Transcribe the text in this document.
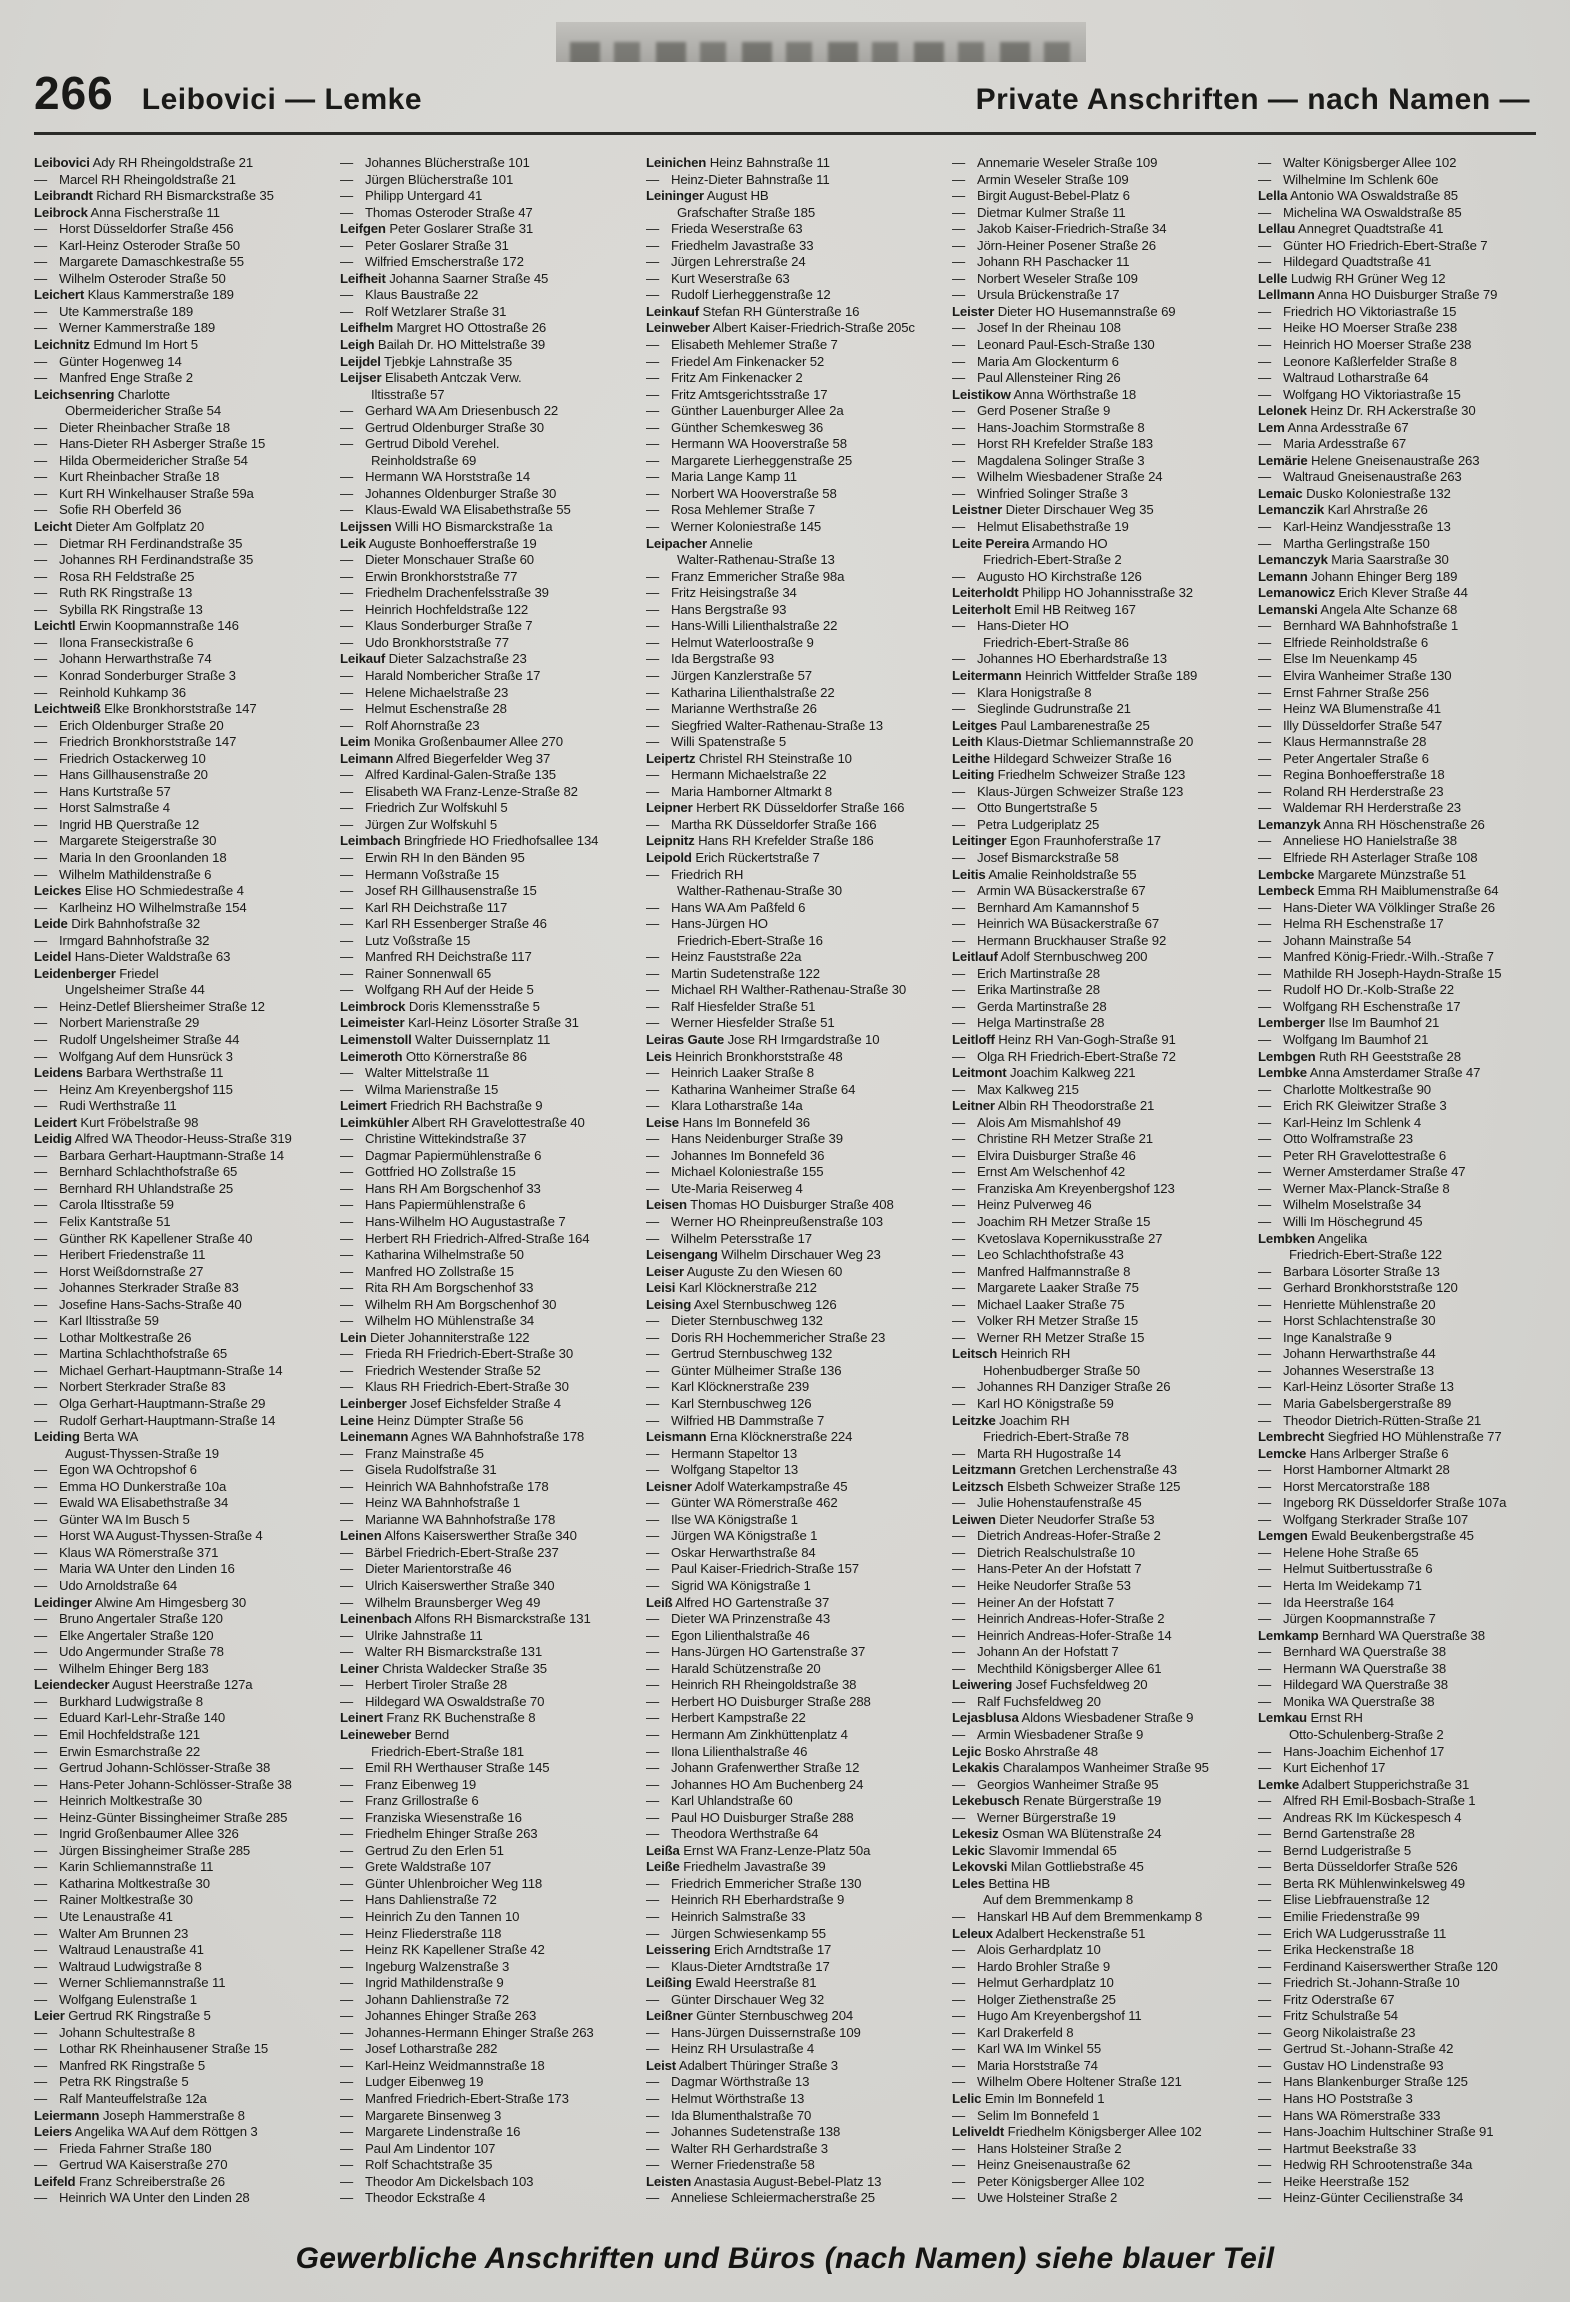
266 Leibovici — Lemke	Private Anschriften — nach Namen —
Leibovici Ady RH Rheingoldstraße 21
— Marcel RH Rheingoldstraße 21
Leibrandt Richard RH Bismarckstraße 35
Leibrock Anna Fischerstraße 11
— Horst Düsseldorfer Straße 456
— Karl-Heinz Osteroder Straße 50
— Margarete Damaschkestraße 55
— Wilhelm Osteroder Straße 50
Leichert Klaus Kammerstraße 189
— Ute Kammerstraße 189
— Werner Kammerstraße 189
Leichnitz Edmund Im Hort 5
— Günter Hogenweg 14
— Manfred Enge Straße 2
Leichsenring Charlotte
Obermeidericher Straße 54
— Dieter Rheinbacher Straße 18
— Hans-Dieter RH Asberger Straße 15
— Hilda Obermeidericher Straße 54
— Kurt Rheinbacher Straße 18
— Kurt RH Winkelhauser Straße 59a
— Sofie RH Oberfeld 36
Leicht Dieter Am Golfplatz 20
— Dietmar RH Ferdinandstraße 35
— Johannes RH Ferdinandstraße 35
— Rosa RH Feldstraße 25
— Ruth RK Ringstraße 13
— Sybilla RK Ringstraße 13
Leichtl Erwin Koopmannstraße 146
— Ilona Franseckistraße 6
— Johann Herwarthstraße 74
— Konrad Sonderburger Straße 3
— Reinhold Kuhkamp 36
Leichtweiß Elke Bronkhorststraße 147
— Erich Oldenburger Straße 20
— Friedrich Bronkhorststraße 147
— Friedrich Ostackerweg 10
— Hans Gillhausenstraße 20
— Hans Kurtstraße 57
— Horst Salmstraße 4
— Ingrid HB Querstraße 12
— Margarete Steigerstraße 30
— Maria In den Groonlanden 18
— Wilhelm Mathildenstraße 6
Leickes Elise HO Schmiedestraße 4
— Karlheinz HO Wilhelmstraße 154
Leide Dirk Bahnhofstraße 32
— Irmgard Bahnhofstraße 32
Leidel Hans-Dieter Waldstraße 63
Leidenberger Friedel
Ungelsheimer Straße 44
— Heinz-Detlef Bliersheimer Straße 12
— Norbert Marienstraße 29
— Rudolf Ungelsheimer Straße 44
— Wolfgang Auf dem Hunsrück 3
Leidens Barbara Werthstraße 11
— Heinz Am Kreyenbergshof 115
— Rudi Werthstraße 11
Leidert Kurt Fröbelstraße 98
Leidig Alfred WA Theodor-Heuss-Straße 319
— Barbara Gerhart-Hauptmann-Straße 14
— Bernhard Schlachthofstraße 65
— Bernhard RH Uhlandstraße 25
— Carola Iltisstraße 59
— Felix Kantstraße 51
— Günther RK Kapellener Straße 40
— Heribert Friedenstraße 11
— Horst Weißdornstraße 27
— Johannes Sterkrader Straße 83
— Josefine Hans-Sachs-Straße 40
— Karl Iltisstraße 59
— Lothar Moltkestraße 26
— Martina Schlachthofstraße 65
— Michael Gerhart-Hauptmann-Straße 14
— Norbert Sterkrader Straße 83
— Olga Gerhart-Hauptmann-Straße 29
— Rudolf Gerhart-Hauptmann-Straße 14
Leiding Berta WA
August-Thyssen-Straße 19
— Egon WA Ochtropshof 6
— Emma HO Dunkerstraße 10a
— Ewald WA Elisabethstraße 34
— Günter WA Im Busch 5
— Horst WA August-Thyssen-Straße 4
— Klaus WA Römerstraße 371
— Maria WA Unter den Linden 16
— Udo Arnoldstraße 64
Leidinger Alwine Am Himgesberg 30
— Bruno Angertaler Straße 120
— Elke Angertaler Straße 120
— Udo Angermunder Straße 78
— Wilhelm Ehinger Berg 183
Leiendecker August Heerstraße 127a
— Burkhard Ludwigstraße 8
— Eduard Karl-Lehr-Straße 140
— Emil Hochfeldstraße 121
— Erwin Esmarchstraße 22
— Gertrud Johann-Schlösser-Straße 38
— Hans-Peter Johann-Schlösser-Straße 38
— Heinrich Moltkestraße 30
— Heinz-Günter Bissingheimer Straße 285
— Ingrid Großenbaumer Allee 326
— Jürgen Bissingheimer Straße 285
— Karin Schliemannstraße 11
— Katharina Moltkestraße 30
— Rainer Moltkestraße 30
— Ute Lenaustraße 41
— Walter Am Brunnen 23
— Waltraud Lenaustraße 41
— Waltraud Ludwigstraße 8
— Werner Schliemannstraße 11
— Wolfgang Eulenstraße 1
Leier Gertrud RK Ringstraße 5
— Johann Schultestraße 8
— Lothar RK Rheinhausener Straße 15
— Manfred RK Ringstraße 5
— Petra RK Ringstraße 5
— Ralf Manteuffelstraße 12a
Leiermann Joseph Hammerstraße 8
Leiers Angelika WA Auf dem Röttgen 3
— Frieda Fahrner Straße 180
— Gertrud WA Kaiserstraße 270
Leifeld Franz Schreiberstraße 26
— Heinrich WA Unter den Linden 28
— Johannes Blücherstraße 101
— Jürgen Blücherstraße 101
— Philipp Untergard 41
— Thomas Osteroder Straße 47
Leifgen Peter Goslarer Straße 31
— Peter Goslarer Straße 31
— Wilfried Emscherstraße 172
Leifheit Johanna Saarner Straße 45
— Klaus Baustraße 22
— Rolf Wetzlarer Straße 31
Leifhelm Margret HO Ottostraße 26
Leigh Bailah Dr. HO Mittelstraße 39
Leijdel Tjebkje Lahnstraße 35
Leijser Elisabeth Antczak Verw.
Iltisstraße 57
— Gerhard WA Am Driesenbusch 22
— Gertrud Oldenburger Straße 30
— Gertrud Dibold Verehel.
Reinholdstraße 69
— Hermann WA Horststraße 14
— Johannes Oldenburger Straße 30
— Klaus-Ewald WA Elisabethstraße 55
Leijssen Willi HO Bismarckstraße 1a
Leik Auguste Bonhoefferstraße 19
— Dieter Monschauer Straße 60
— Erwin Bronkhorststraße 77
— Friedhelm Drachenfelsstraße 39
— Heinrich Hochfeldstraße 122
— Klaus Sonderburger Straße 7
— Udo Bronkhorststraße 77
Leikauf Dieter Salzachstraße 23
— Harald Nombericher Straße 17
— Helene Michaelstraße 23
— Helmut Eschenstraße 28
— Rolf Ahornstraße 23
Leim Monika Großenbaumer Allee 270
Leimann Alfred Biegerfelder Weg 37
— Alfred Kardinal-Galen-Straße 135
— Elisabeth WA Franz-Lenze-Straße 82
— Friedrich Zur Wolfskuhl 5
— Jürgen Zur Wolfskuhl 5
Leimbach Bringfriede HO Friedhofsallee 134
— Erwin RH In den Bänden 95
— Hermann Voßstraße 15
— Josef RH Gillhausenstraße 15
— Karl RH Deichstraße 117
— Karl RH Essenberger Straße 46
— Lutz Voßstraße 15
— Manfred RH Deichstraße 117
— Rainer Sonnenwall 65
— Wolfgang RH Auf der Heide 5
Leimbrock Doris Klemensstraße 5
Leimeister Karl-Heinz Lösorter Straße 31
Leimenstoll Walter Duissernplatz 11
Leimeroth Otto Körnerstraße 86
— Walter Mittelstraße 11
— Wilma Marienstraße 15
Leimert Friedrich RH Bachstraße 9
Leimkühler Albert RH Gravelottestraße 40
— Christine Wittekindstraße 37
— Dagmar Papiermühlenstraße 6
— Gottfried HO Zollstraße 15
— Hans RH Am Borgschenhof 33
— Hans Papiermühlenstraße 6
— Hans-Wilhelm HO Augustastraße 7
— Herbert RH Friedrich-Alfred-Straße 164
— Katharina Wilhelmstraße 50
— Manfred HO Zollstraße 15
— Rita RH Am Borgschenhof 33
— Wilhelm RH Am Borgschenhof 30
— Wilhelm HO Mühlenstraße 34
Lein Dieter Johanniterstraße 122
— Frieda RH Friedrich-Ebert-Straße 30
— Friedrich Westender Straße 52
— Klaus RH Friedrich-Ebert-Straße 30
Leinberger Josef Eichsfelder Straße 4
Leine Heinz Dümpter Straße 56
Leinemann Agnes WA Bahnhofstraße 178
— Franz Mainstraße 45
— Gisela Rudolfstraße 31
— Heinrich WA Bahnhofstraße 178
— Heinz WA Bahnhofstraße 1
— Marianne WA Bahnhofstraße 178
Leinen Alfons Kaiserswerther Straße 340
— Bärbel Friedrich-Ebert-Straße 237
— Dieter Marientorstraße 46
— Ulrich Kaiserswerther Straße 340
— Wilhelm Braunsberger Weg 49
Leinenbach Alfons RH Bismarckstraße 131
— Ulrike Jahnstraße 11
— Walter RH Bismarckstraße 131
Leiner Christa Waldecker Straße 35
— Herbert Tiroler Straße 28
— Hildegard WA Oswaldstraße 70
Leinert Franz RK Buchenstraße 8
Leineweber Bernd
Friedrich-Ebert-Straße 181
— Emil RH Werthauser Straße 145
— Franz Eibenweg 19
— Franz Grillostraße 6
— Franziska Wiesenstraße 16
— Friedhelm Ehinger Straße 263
— Gertrud Zu den Erlen 51
— Grete Waldstraße 107
— Günter Uhlenbroicher Weg 118
— Hans Dahlienstraße 72
— Heinrich Zu den Tannen 10
— Heinz Fliederstraße 118
— Heinz RK Kapellener Straße 42
— Ingeburg Walzenstraße 3
— Ingrid Mathildenstraße 9
— Johann Dahlienstraße 72
— Johannes Ehinger Straße 263
— Johannes-Hermann Ehinger Straße 263
— Josef Lotharstraße 282
— Karl-Heinz Weidmannstraße 18
— Ludger Eibenweg 19
— Manfred Friedrich-Ebert-Straße 173
— Margarete Binsenweg 3
— Margarete Lindenstraße 16
— Paul Am Lindentor 107
— Rolf Schachtstraße 35
— Theodor Am Dickelsbach 103
— Theodor Eckstraße 4
Leinichen Heinz Bahnstraße 11
— Heinz-Dieter Bahnstraße 11
Leininger August HB
Grafschafter Straße 185
— Frieda Weserstraße 63
— Friedhelm Javastraße 33
— Jürgen Lehrerstraße 24
— Kurt Weserstraße 63
— Rudolf Lierheggenstraße 12
Leinkauf Stefan RH Günterstraße 16
Leinweber Albert Kaiser-Friedrich-Straße 205c
— Elisabeth Mehlemer Straße 7
— Friedel Am Finkenacker 52
— Fritz Am Finkenacker 2
— Fritz Amtsgerichtsstraße 17
— Günther Lauenburger Allee 2a
— Günther Schemkesweg 36
— Hermann WA Hooverstraße 58
— Margarete Lierheggenstraße 25
— Maria Lange Kamp 11
— Norbert WA Hooverstraße 58
— Rosa Mehlemer Straße 7
— Werner Koloniestraße 145
Leipacher Annelie
Walter-Rathenau-Straße 13
— Franz Emmericher Straße 98a
— Fritz Heisingstraße 34
— Hans Bergstraße 93
— Hans-Willi Lilienthalstraße 22
— Helmut Waterloostraße 9
— Ida Bergstraße 93
— Jürgen Kanzlerstraße 57
— Katharina Lilienthalstraße 22
— Marianne Werthstraße 26
— Siegfried Walter-Rathenau-Straße 13
— Willi Spatenstraße 5
Leipertz Christel RH Steinstraße 10
— Hermann Michaelstraße 22
— Maria Hamborner Altmarkt 8
Leipner Herbert RK Düsseldorfer Straße 166
— Martha RK Düsseldorfer Straße 166
Leipnitz Hans RH Krefelder Straße 186
Leipold Erich Rückertstraße 7
— Friedrich RH
Walther-Rathenau-Straße 30
— Hans WA Am Paßfeld 6
— Hans-Jürgen HO
Friedrich-Ebert-Straße 16
— Heinz Fauststraße 22a
— Martin Sudetenstraße 122
— Michael RH Walther-Rathenau-Straße 30
— Ralf Hiesfelder Straße 51
— Werner Hiesfelder Straße 51
Leiras Gaute Jose RH Irmgardstraße 10
Leis Heinrich Bronkhorststraße 48
— Heinrich Laaker Straße 8
— Katharina Wanheimer Straße 64
— Klara Lotharstraße 14a
Leise Hans Im Bonnefeld 36
— Hans Neidenburger Straße 39
— Johannes Im Bonnefeld 36
— Michael Koloniestraße 155
— Ute-Maria Reiserweg 4
Leisen Thomas HO Duisburger Straße 408
— Werner HO Rheinpreußenstraße 103
— Wilhelm Petersstraße 17
Leisengang Wilhelm Dirschauer Weg 23
Leiser Auguste Zu den Wiesen 60
Leisi Karl Klöcknerstraße 212
Leising Axel Sternbuschweg 126
— Dieter Sternbuschweg 132
— Doris RH Hochemmericher Straße 23
— Gertrud Sternbuschweg 132
— Günter Mülheimer Straße 136
— Karl Klöcknerstraße 239
— Karl Sternbuschweg 126
— Wilfried HB Dammstraße 7
Leismann Erna Klöcknerstraße 224
— Hermann Stapeltor 13
— Wolfgang Stapeltor 13
Leisner Adolf Waterkampstraße 45
— Günter WA Römerstraße 462
— Ilse WA Königstraße 1
— Jürgen WA Königstraße 1
— Oskar Herwarthstraße 84
— Paul Kaiser-Friedrich-Straße 157
— Sigrid WA Königstraße 1
Leiß Alfred HO Gartenstraße 37
— Dieter WA Prinzenstraße 43
— Egon Lilienthalstraße 46
— Hans-Jürgen HO Gartenstraße 37
— Harald Schützenstraße 20
— Heinrich RH Rheingoldstraße 38
— Herbert HO Duisburger Straße 288
— Herbert Kampstraße 22
— Hermann Am Zinkhüttenplatz 4
— Ilona Lilienthalstraße 46
— Johann Grafenwerther Straße 12
— Johannes HO Am Buchenberg 24
— Karl Uhlandstraße 60
— Paul HO Duisburger Straße 288
— Theodora Werthstraße 64
Leißa Ernst WA Franz-Lenze-Platz 50a
Leiße Friedhelm Javastraße 39
— Friedrich Emmericher Straße 130
— Heinrich RH Eberhardstraße 9
— Heinrich Salmstraße 33
— Jürgen Schwiesenkamp 55
Leissering Erich Arndtstraße 17
— Klaus-Dieter Arndtstraße 17
Leißing Ewald Heerstraße 81
— Günter Dirschauer Weg 32
Leißner Günter Sternbuschweg 204
— Hans-Jürgen Duissernstraße 109
— Heinz RH Ursulastraße 4
Leist Adalbert Thüringer Straße 3
— Dagmar Wörthstraße 13
— Helmut Wörthstraße 13
— Ida Blumenthalstraße 70
— Johannes Sudetenstraße 138
— Walter RH Gerhardstraße 3
— Werner Friedenstraße 58
Leisten Anastasia August-Bebel-Platz 13
— Anneliese Schleiermacherstraße 25
— Annemarie Weseler Straße 109
— Armin Weseler Straße 109
— Birgit August-Bebel-Platz 6
— Dietmar Kulmer Straße 11
— Jakob Kaiser-Friedrich-Straße 34
— Jörn-Heiner Posener Straße 26
— Johann RH Paschacker 11
— Norbert Weseler Straße 109
— Ursula Brückenstraße 17
Leister Dieter HO Husemannstraße 69
— Josef In der Rheinau 108
— Leonard Paul-Esch-Straße 130
— Maria Am Glockenturm 6
— Paul Allensteiner Ring 26
Leistikow Anna Wörthstraße 18
— Gerd Posener Straße 9
— Hans-Joachim Stormstraße 8
— Horst RH Krefelder Straße 183
— Magdalena Solinger Straße 3
— Wilhelm Wiesbadener Straße 24
— Winfried Solinger Straße 3
Leistner Dieter Dirschauer Weg 35
— Helmut Elisabethstraße 19
Leite Pereira Armando HO
Friedrich-Ebert-Straße 2
— Augusto HO Kirchstraße 126
Leiterholdt Philipp HO Johannisstraße 32
Leiterholt Emil HB Reitweg 167
— Hans-Dieter HO
Friedrich-Ebert-Straße 86
— Johannes HO Eberhardstraße 13
Leitermann Heinrich Wittfelder Straße 189
— Klara Honigstraße 8
— Sieglinde Gudrunstraße 21
Leitges Paul Lambarenestraße 25
Leith Klaus-Dietmar Schliemannstraße 20
Leithe Hildegard Schweizer Straße 16
Leiting Friedhelm Schweizer Straße 123
— Klaus-Jürgen Schweizer Straße 123
— Otto Bungertstraße 5
— Petra Ludgeriplatz 25
Leitinger Egon Fraunhoferstraße 17
— Josef Bismarckstraße 58
Leitis Amalie Reinholdstraße 55
— Armin WA Büsackerstraße 67
— Bernhard Am Kamannshof 5
— Heinrich WA Büsackerstraße 67
— Hermann Bruckhauser Straße 92
Leitlauf Adolf Sternbuschweg 200
— Erich Martinstraße 28
— Erika Martinstraße 28
— Gerda Martinstraße 28
— Helga Martinstraße 28
Leitloff Heinz RH Van-Gogh-Straße 91
— Olga RH Friedrich-Ebert-Straße 72
Leitmont Joachim Kalkweg 221
— Max Kalkweg 215
Leitner Albin RH Theodorstraße 21
— Alois Am Mismahlshof 49
— Christine RH Metzer Straße 21
— Elvira Duisburger Straße 46
— Ernst Am Welschenhof 42
— Franziska Am Kreyenbergshof 123
— Heinz Pulverweg 46
— Joachim RH Metzer Straße 15
— Kvetoslava Kopernikusstraße 27
— Leo Schlachthofstraße 43
— Manfred Halfmannstraße 8
— Margarete Laaker Straße 75
— Michael Laaker Straße 75
— Volker RH Metzer Straße 15
— Werner RH Metzer Straße 15
Leitsch Heinrich RH
Hohenbudberger Straße 50
— Johannes RH Danziger Straße 26
— Karl HO Königstraße 59
Leitzke Joachim RH
Friedrich-Ebert-Straße 78
— Marta RH Hugostraße 14
Leitzmann Gretchen Lerchenstraße 43
Leitzsch Elsbeth Schweizer Straße 125
— Julie Hohenstaufenstraße 45
Leiwen Dieter Neudorfer Straße 53
— Dietrich Andreas-Hofer-Straße 2
— Dietrich Realschulstraße 10
— Hans-Peter An der Hofstatt 7
— Heike Neudorfer Straße 53
— Heiner An der Hofstatt 7
— Heinrich Andreas-Hofer-Straße 2
— Heinrich Andreas-Hofer-Straße 14
— Johann An der Hofstatt 7
— Mechthild Königsberger Allee 61
Leiwering Josef Fuchsfeldweg 20
— Ralf Fuchsfeldweg 20
Lejasblusa Aldons Wiesbadener Straße 9
— Armin Wiesbadener Straße 9
Lejic Bosko Ahrstraße 48
Lekakis Charalampos Wanheimer Straße 95
— Georgios Wanheimer Straße 95
Lekebusch Renate Bürgerstraße 19
— Werner Bürgerstraße 19
Lekesiz Osman WA Blütenstraße 24
Lekic Slavomir Immendal 65
Lekovski Milan Gottliebstraße 45
Leles Bettina HB
Auf dem Bremmenkamp 8
— Hanskarl HB Auf dem Bremmenkamp 8
Leleux Adalbert Heckenstraße 51
— Alois Gerhardplatz 10
— Hardo Brohler Straße 9
— Helmut Gerhardplatz 10
— Holger Ziethenstraße 25
— Hugo Am Kreyenbergshof 11
— Karl Drakerfeld 8
— Karl WA Im Winkel 55
— Maria Horststraße 74
— Wilhelm Obere Holtener Straße 121
Lelic Emin Im Bonnefeld 1
— Selim Im Bonnefeld 1
Leliveldt Friedhelm Königsberger Allee 102
— Hans Holsteiner Straße 2
— Heinz Gneisenaustraße 62
— Peter Königsberger Allee 102
— Uwe Holsteiner Straße 2
— Walter Königsberger Allee 102
— Wilhelmine Im Schlenk 60e
Lella Antonio WA Oswaldstraße 85
— Michelina WA Oswaldstraße 85
Lellau Annegret Quadtstraße 41
— Günter HO Friedrich-Ebert-Straße 7
— Hildegard Quadtstraße 41
Lelle Ludwig RH Grüner Weg 12
Lellmann Anna HO Duisburger Straße 79
— Friedrich HO Viktoriastraße 15
— Heike HO Moerser Straße 238
— Heinrich HO Moerser Straße 238
— Leonore Kaßlerfelder Straße 8
— Waltraud Lotharstraße 64
— Wolfgang HO Viktoriastraße 15
Lelonek Heinz Dr. RH Ackerstraße 30
Lem Anna Ardesstraße 67
— Maria Ardesstraße 67
Lemärie Helene Gneisenaustraße 263
— Waltraud Gneisenaustraße 263
Lemaic Dusko Koloniestraße 132
Lemanczik Karl Ahrstraße 26
— Karl-Heinz Wandjesstraße 13
— Martha Gerlingstraße 150
Lemanczyk Maria Saarstraße 30
Lemann Johann Ehinger Berg 189
Lemanowicz Erich Klever Straße 44
Lemanski Angela Alte Schanze 68
— Bernhard WA Bahnhofstraße 1
— Elfriede Reinholdstraße 6
— Else Im Neuenkamp 45
— Elvira Wanheimer Straße 130
— Ernst Fahrner Straße 256
— Heinz WA Blumenstraße 41
— Illy Düsseldorfer Straße 547
— Klaus Hermannstraße 28
— Peter Angertaler Straße 6
— Regina Bonhoefferstraße 18
— Roland RH Herderstraße 23
— Waldemar RH Herderstraße 23
Lemanzyk Anna RH Höschenstraße 26
— Anneliese HO Hanielstraße 38
— Elfriede RH Asterlager Straße 108
Lembcke Margarete Münzstraße 51
Lembeck Emma RH Maiblumenstraße 64
— Hans-Dieter WA Völklinger Straße 26
— Helma RH Eschenstraße 17
— Johann Mainstraße 54
— Manfred König-Friedr.-Wilh.-Straße 7
— Mathilde RH Joseph-Haydn-Straße 15
— Rudolf HO Dr.-Kolb-Straße 22
— Wolfgang RH Eschenstraße 17
Lemberger Ilse Im Baumhof 21
— Wolfgang Im Baumhof 21
Lembgen Ruth RH Geeststraße 28
Lembke Anna Amsterdamer Straße 47
— Charlotte Moltkestraße 90
— Erich RK Gleiwitzer Straße 3
— Karl-Heinz Im Schlenk 4
— Otto Wolframstraße 23
— Peter RH Gravelottestraße 6
— Werner Amsterdamer Straße 47
— Werner Max-Planck-Straße 8
— Wilhelm Moselstraße 34
— Willi Im Höschegrund 45
Lembken Angelika
Friedrich-Ebert-Straße 122
— Barbara Lösorter Straße 13
— Gerhard Bronkhorststraße 120
— Henriette Mühlenstraße 20
— Horst Schlachtenstraße 30
— Inge Kanalstraße 9
— Johann Herwarthstraße 44
— Johannes Weserstraße 13
— Karl-Heinz Lösorter Straße 13
— Maria Gabelsbergerstraße 89
— Theodor Dietrich-Rütten-Straße 21
Lembrecht Siegfried HO Mühlenstraße 77
Lemcke Hans Arlberger Straße 6
— Horst Hamborner Altmarkt 28
— Horst Mercatorstraße 188
— Ingeborg RK Düsseldorfer Straße 107a
— Wolfgang Sterkrader Straße 107
Lemgen Ewald Beukenbergstraße 45
— Helene Hohe Straße 65
— Helmut Suitbertusstraße 6
— Herta Im Weidekamp 71
— Ida Heerstraße 164
— Jürgen Koopmannstraße 7
Lemkamp Bernhard WA Querstraße 38
— Bernhard WA Querstraße 38
— Hermann WA Querstraße 38
— Hildegard WA Querstraße 38
— Monika WA Querstraße 38
Lemkau Ernst RH
Otto-Schulenberg-Straße 2
— Hans-Joachim Eichenhof 17
— Kurt Eichenhof 17
Lemke Adalbert Stupperichstraße 31
— Alfred RH Emil-Bosbach-Straße 1
— Andreas RK Im Kückespesch 4
— Bernd Gartenstraße 28
— Bernd Ludgeristraße 5
— Berta Düsseldorfer Straße 526
— Berta RK Mühlenwinkelsweg 49
— Elise Liebfrauenstraße 12
— Emilie Friedenstraße 99
— Erich WA Ludgerusstraße 11
— Erika Heckenstraße 18
— Ferdinand Kaiserswerther Straße 120
— Friedrich St.-Johann-Straße 10
— Fritz Oderstraße 67
— Fritz Schulstraße 54
— Georg Nikolaistraße 23
— Gertrud St.-Johann-Straße 42
— Gustav HO Lindenstraße 93
— Hans Blankenburger Straße 125
— Hans HO Poststraße 3
— Hans WA Römerstraße 333
— Hans-Joachim Hultschiner Straße 91
— Hartmut Beekstraße 33
— Hedwig RH Schrootenstraße 34a
— Heike Heerstraße 152
— Heinz-Günter Cecilienstraße 34
Gewerbliche Anschriften und Büros (nach Namen) siehe blauer Teil
